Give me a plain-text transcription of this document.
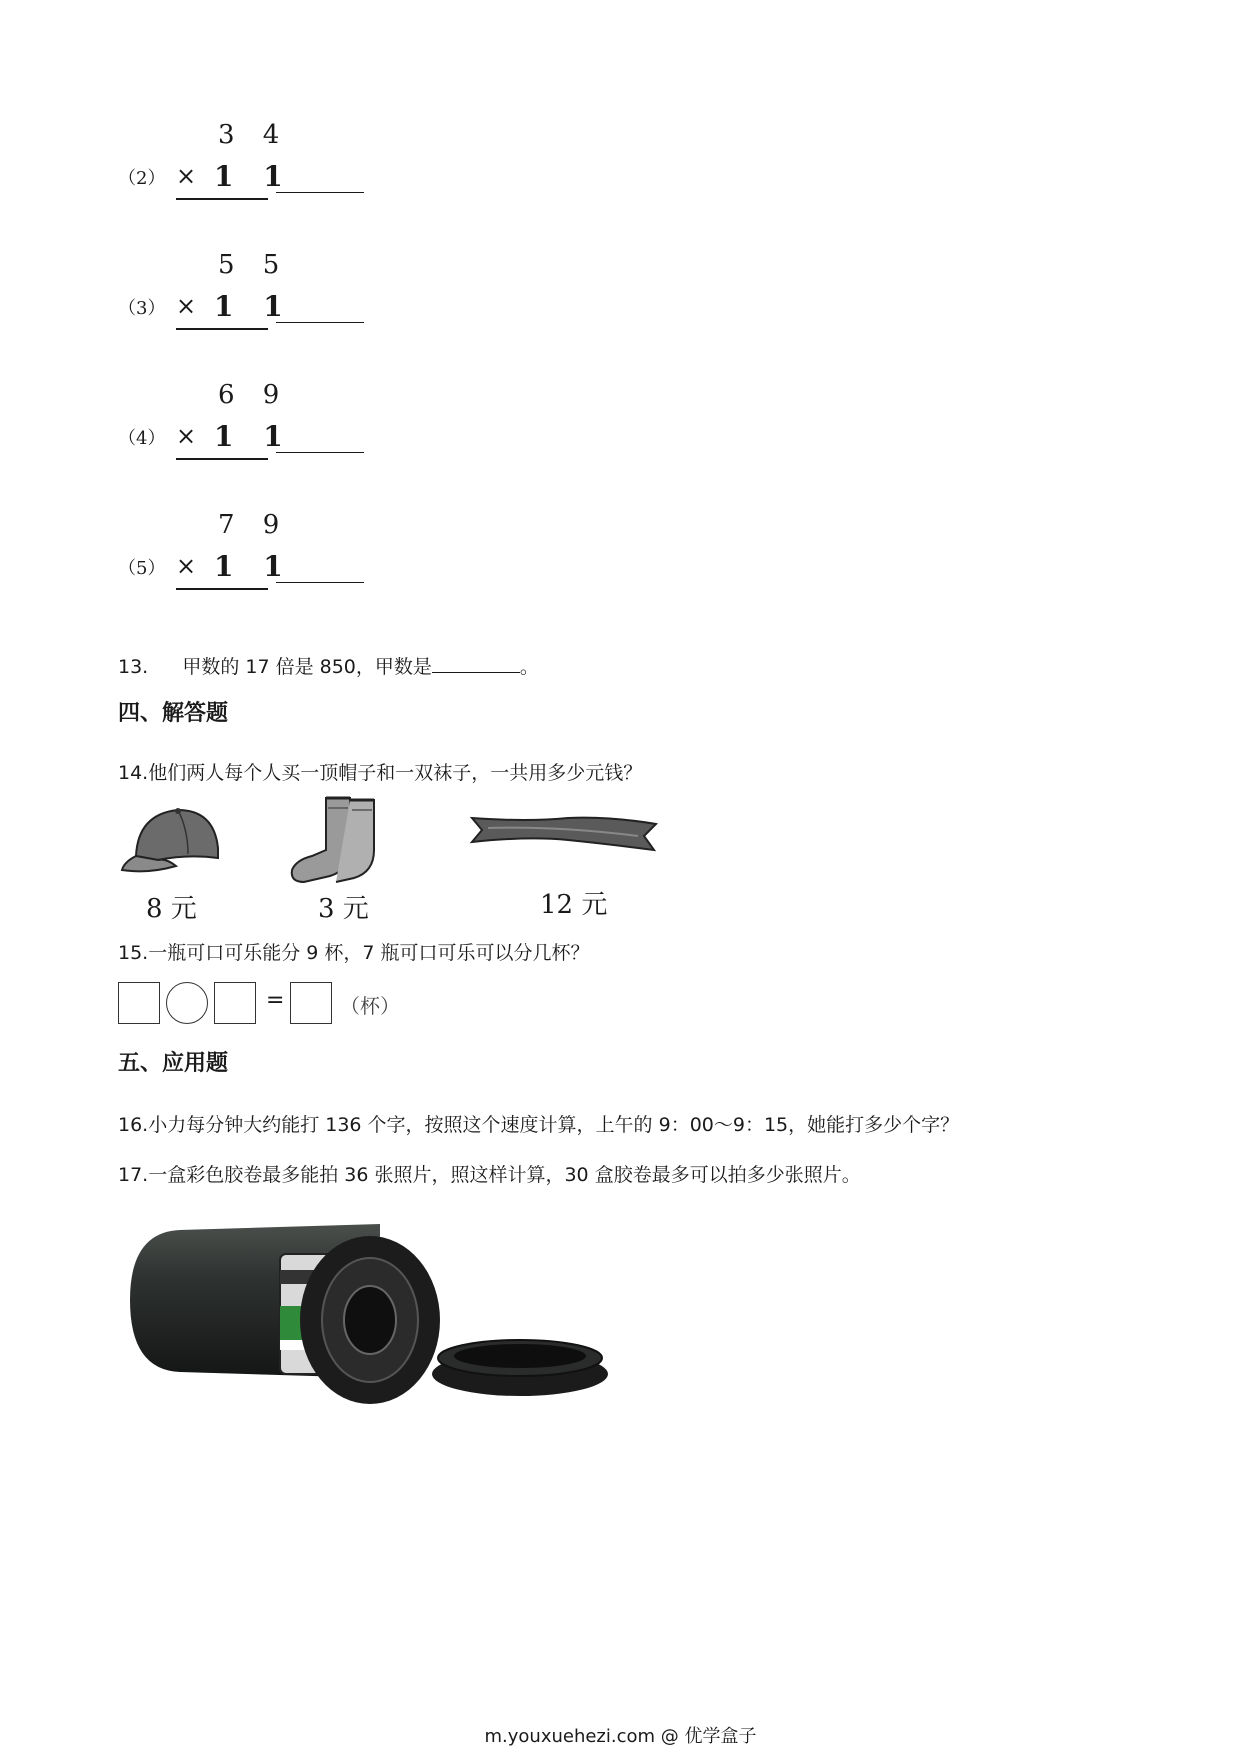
3 4
（2） × 1 1
5 5
（3） × 1 1
6 9
（4） × 1 1
7 9
（5） × 1 1
13. 甲数的 17 倍是 850，甲数是	。
四、解答题
14.他们两人每个人买一顶帽子和一双袜子，一共用多少元钱？
8 元	3 元	12 元
15.一瓶可口可乐能分 9 杯，7 瓶可口可乐可以分几杯？
=	（杯）
五、应用题
16.小力每分钟大约能打 136 个字，按照这个速度计算，上午的 9：00～9：15，她能打多少个字？
17.一盒彩色胶卷最多能拍 36 张照片，照这样计算，30 盒胶卷最多可以拍多少张照片。
m.youxuehezi.com @ 优学盒子
